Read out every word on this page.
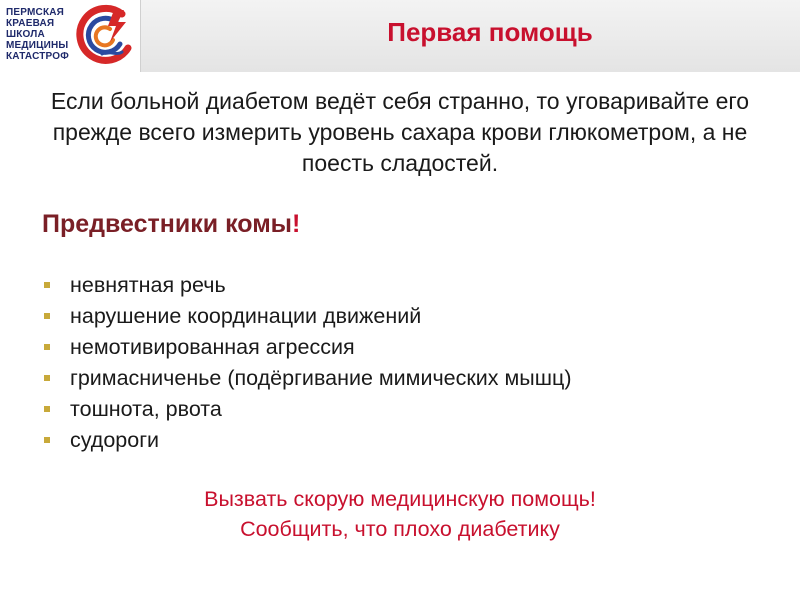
ПЕРМСКАЯ
КРАЕВАЯ
ШКОЛА
МЕДИЦИНЫ
КАТАСТРОФ
Первая помощь

Если больной диабетом ведёт себя странно, то уговаривайте его прежде всего измерить уровень сахара крови глюкометром, а не поесть сладостей.

Предвестники комы!
невнятная речь
нарушение координации движений
немотивированная агрессия
гримасниченье (подёргивание мимических мышц)
тошнота, рвота
судороги
Вызвать скорую медицинскую помощь!
Сообщить, что плохо диабетику
